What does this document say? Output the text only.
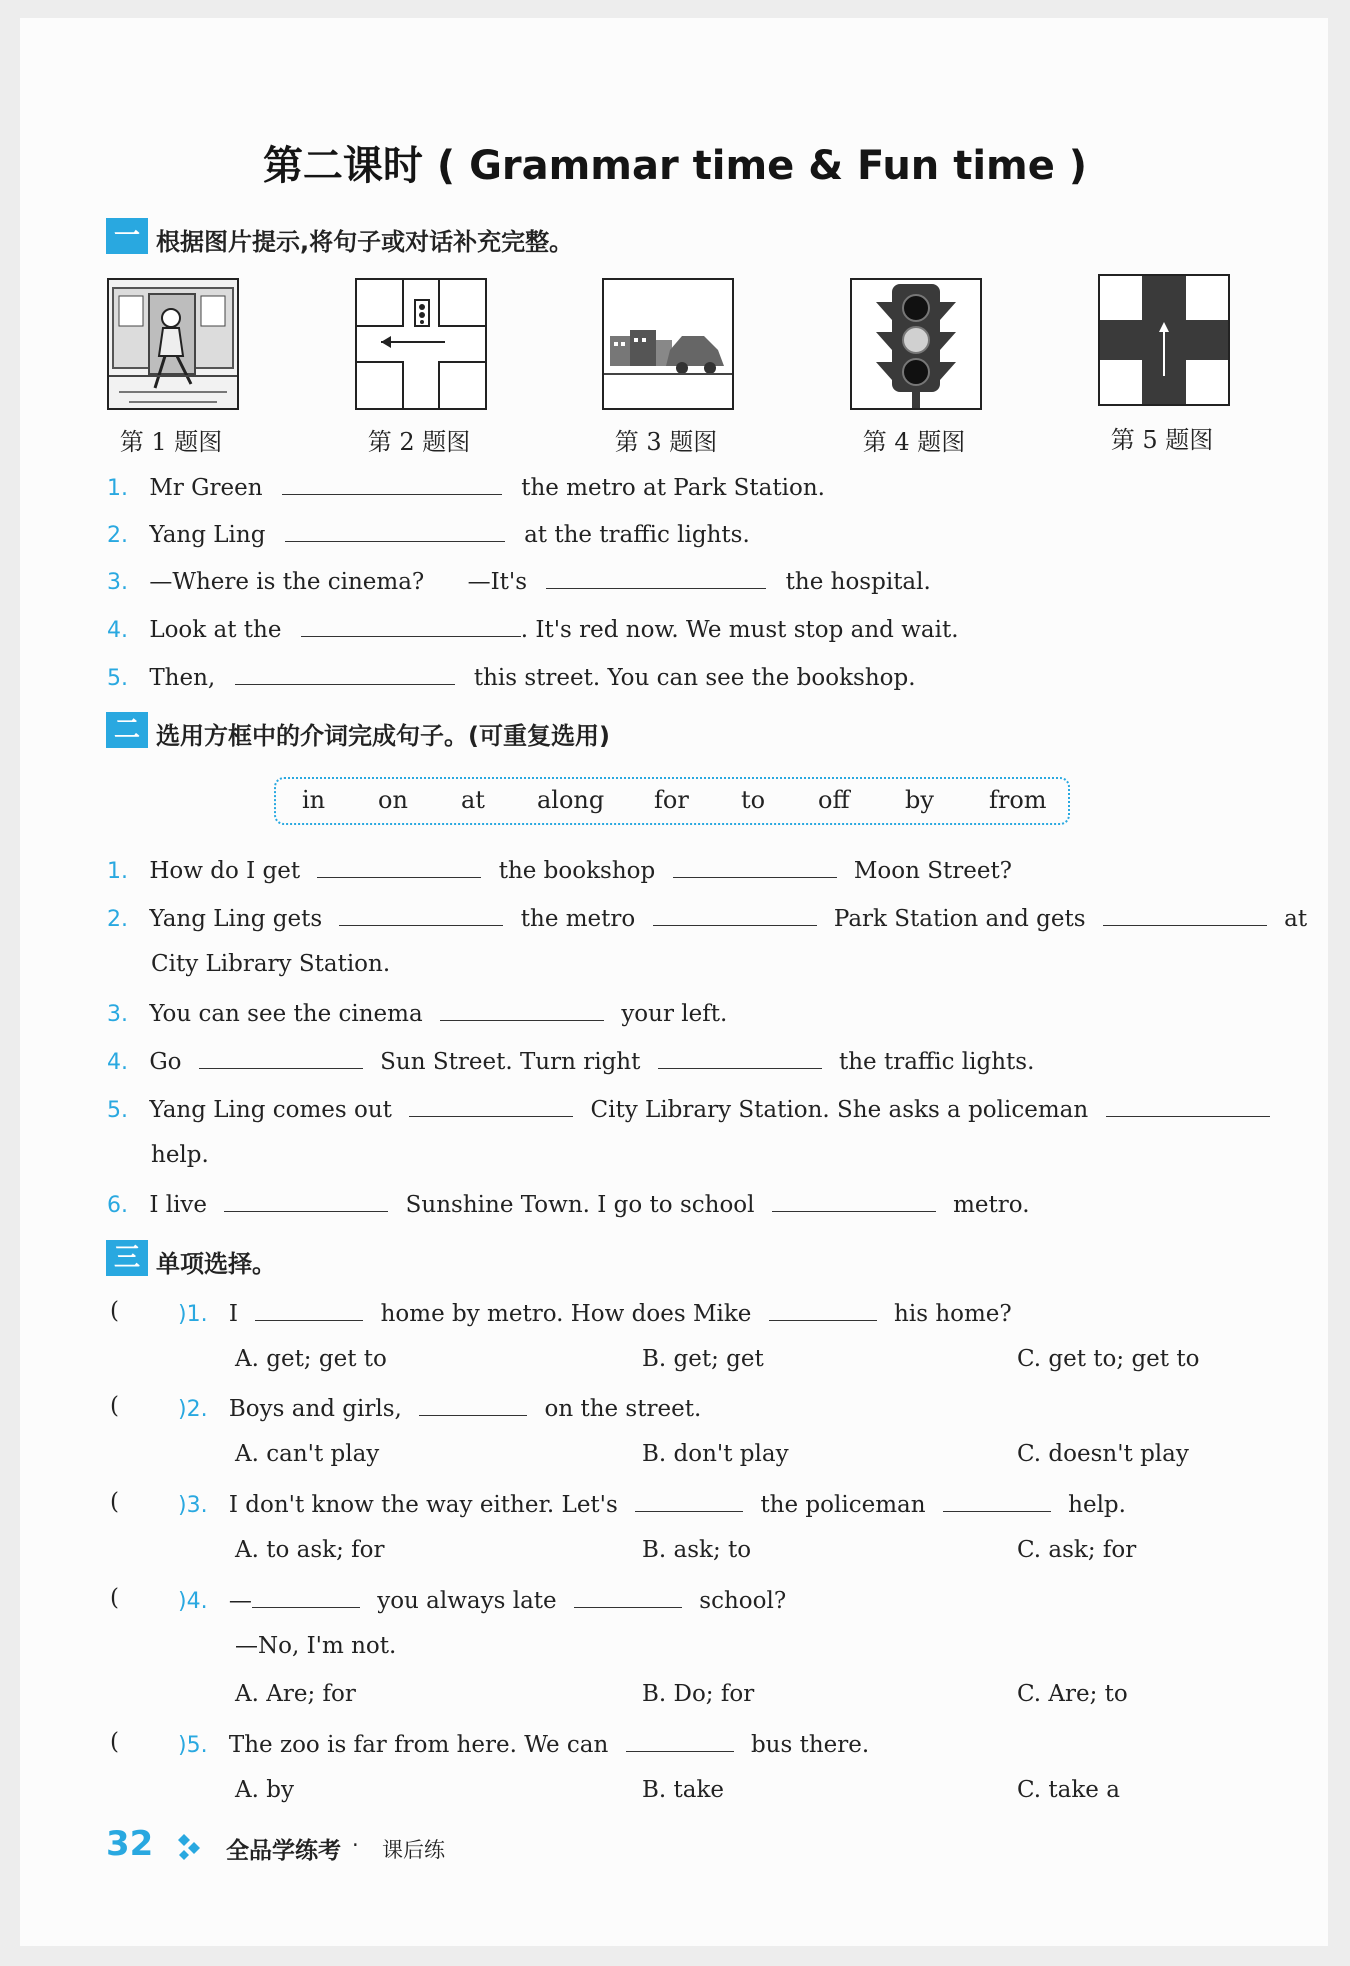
第二课时 ( Grammar time & Fun time )
一 根据图片提示,将句子或对话补充完整。
第 1 题图	第 2 题图	第 3 题图	第 4 题图	第 5 题图
1. Mr Green	the metro at Park Station.
2. Yang Ling	at the traffic lights.
3. —Where is the cinema? —It's	the hospital.
4. Look at the	. It's red now. We must stop and wait.
5. Then,	this street. You can see the bookshop.
二 选用方框中的介词完成句子。(可重复选用)
in on at along for to off by from
1. How do I get	the bookshop	Moon Street?
2. Yang Ling gets	the metro	Park Station and gets	at
City Library Station.
3. You can see the cinema	your left.
4. Go	Sun Street. Turn right	the traffic lights.
5. Yang Ling comes out	City Library Station. She asks a policeman
help.
6. I live	Sunshine Town. I go to school	metro.
三 单项选择。
(	)1. I	home by metro. How does Mike	his home?
A. get; get to	B. get; get	C. get to; get to
(	)2. Boys and girls,	on the street.
A. can't play	B. don't play	C. doesn't play
(	)3. I don't know the way either. Let's	the policeman	help.
A. to ask; for	B. ask; to	C. ask; for
(	)4. —	you always late	school?
—No, I'm not.
A. Are; for	B. Do; for	C. Are; to
(	)5. The zoo is far from here. We can	bus there.
A. by	B. take	C. take a
32	全品学练考 · 课后练
